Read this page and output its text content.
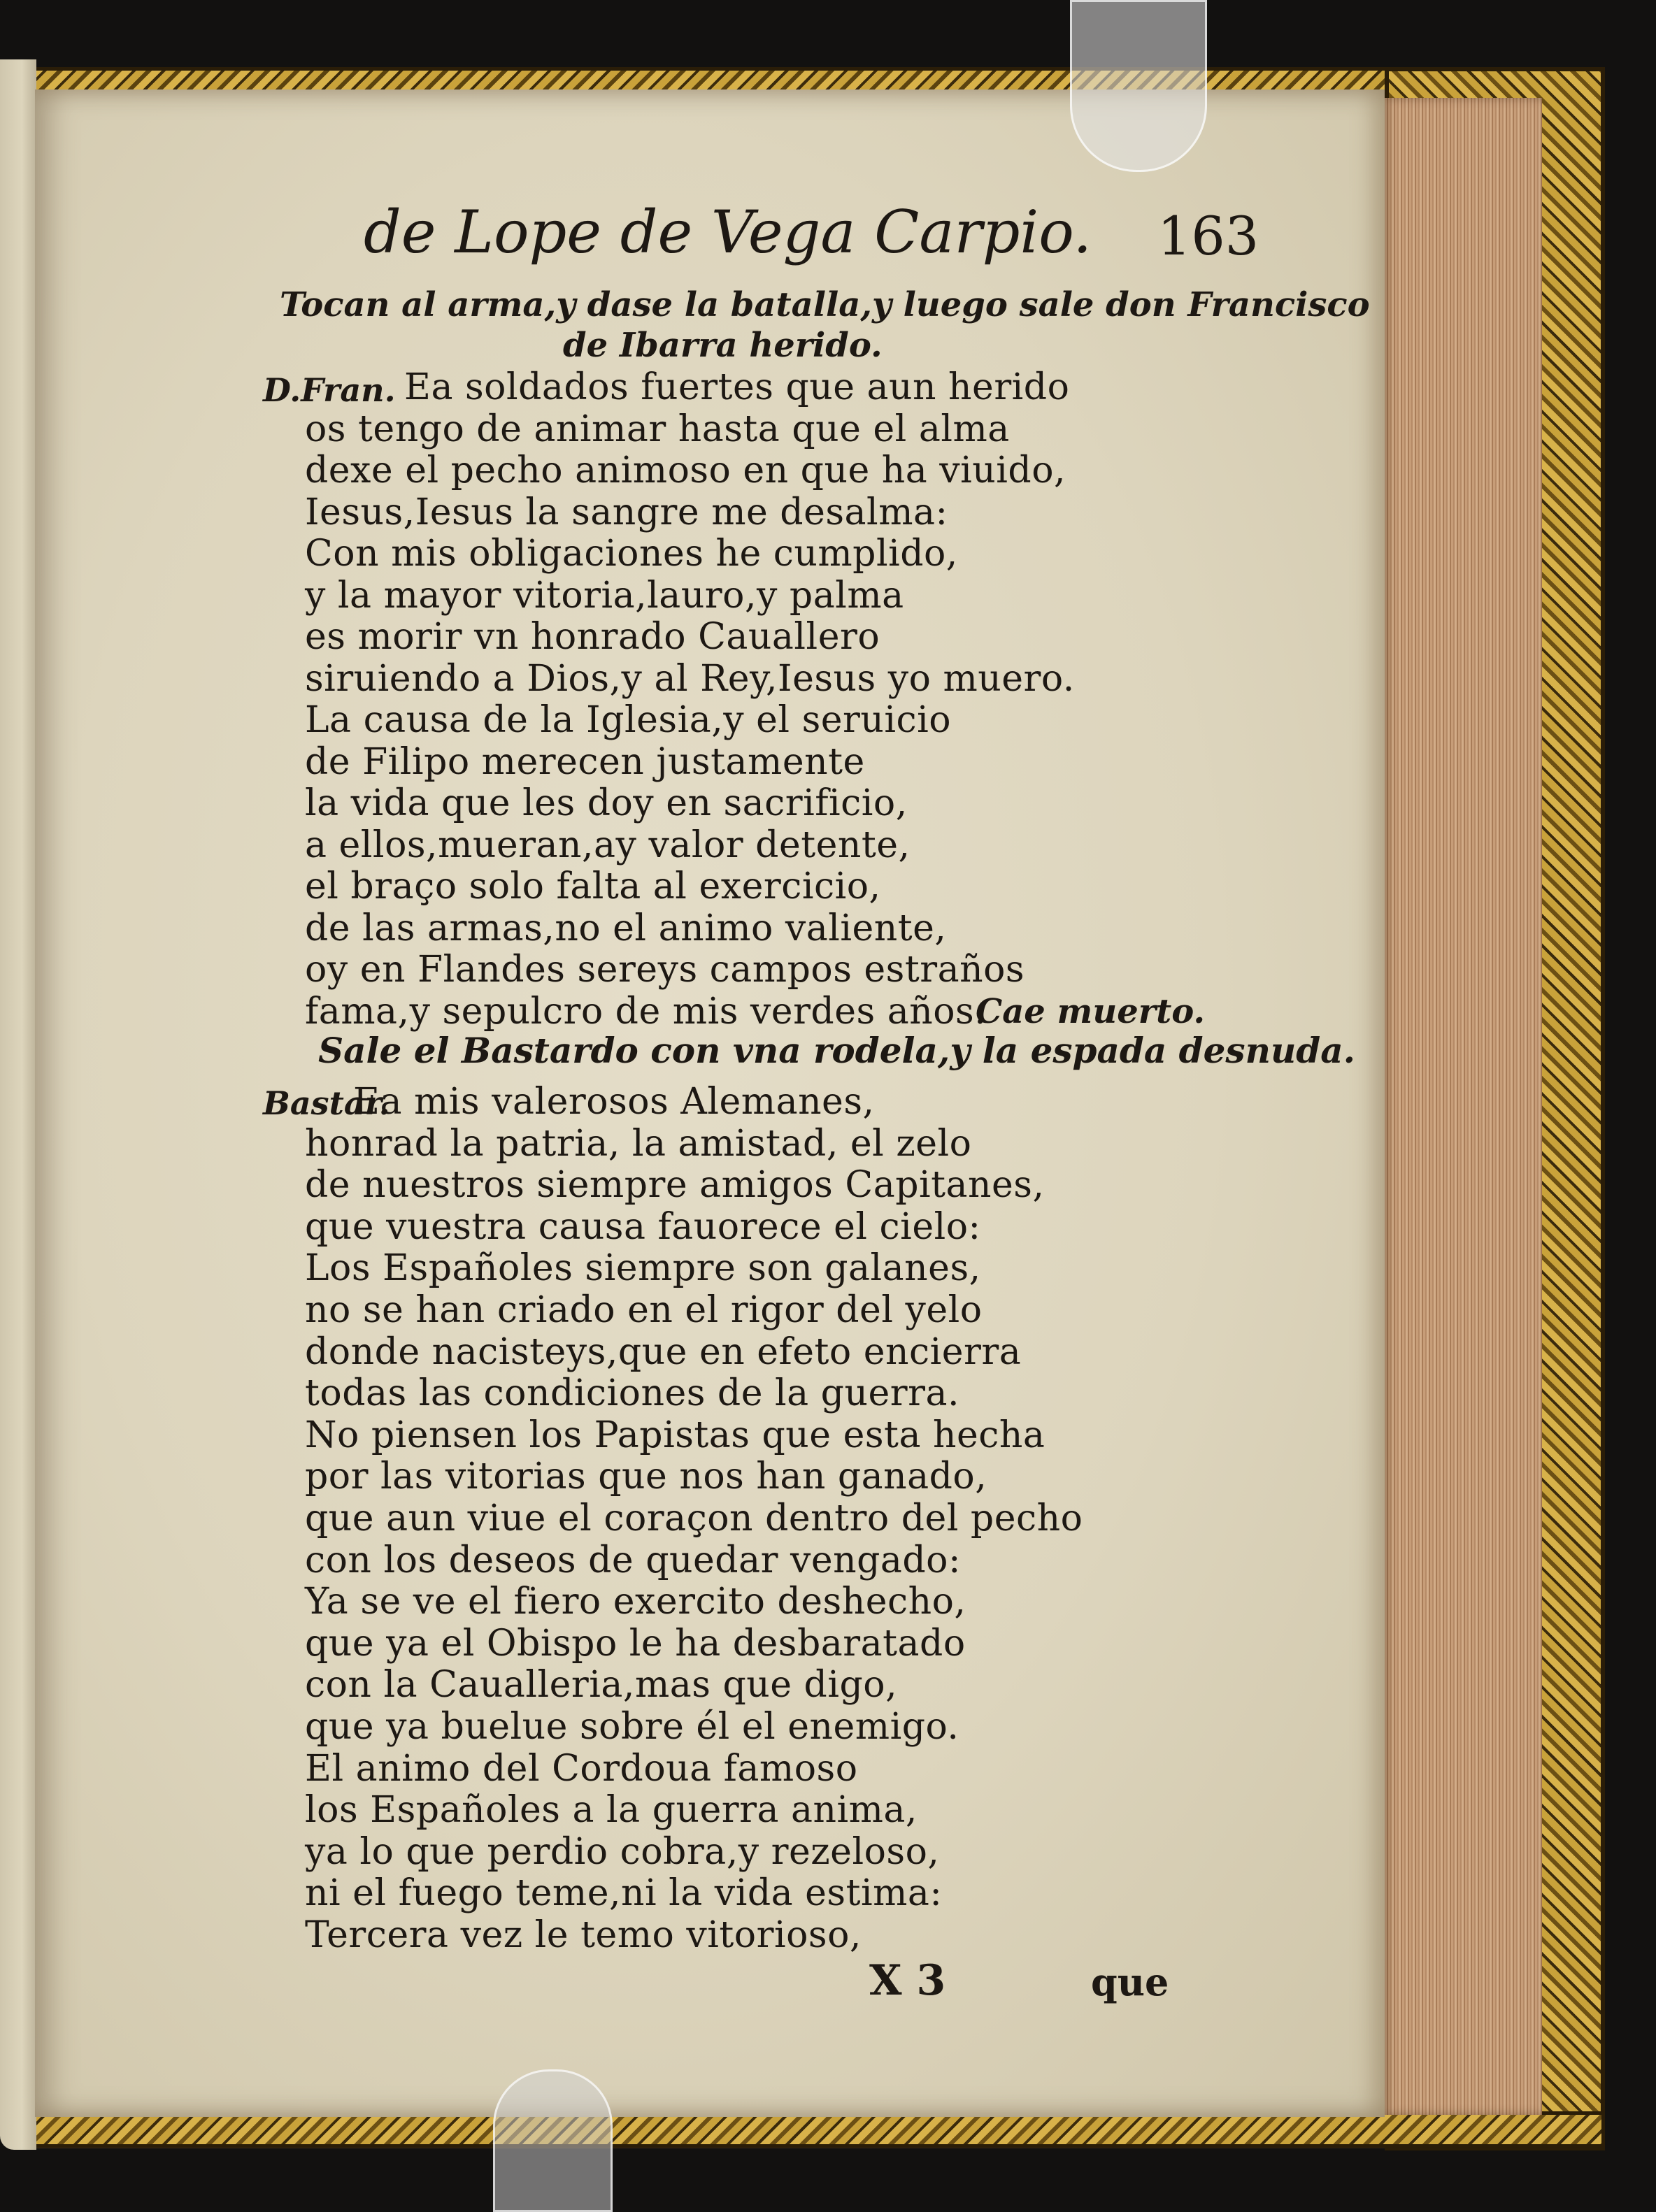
de Lope de Vega Carpio. 163
Tocan al arma,y dase la batalla,y luego sale don Francisco
de Ibarra herido.
D.Fran. Ea soldados fuertes que aun herido
os tengo de animar hasta que el alma
dexe el pecho animoso en que ha viuido,
Iesus,Iesus la sangre me desalma:
Con mis obligaciones he cumplido,
y la mayor vitoria,lauro,y palma
es morir vn honrado Cauallero
siruiendo a Dios,y al Rey,Iesus yo muero.
La causa de la Iglesia,y el seruicio
de Filipo merecen justamente
la vida que les doy en sacrificio,
a ellos,mueran,ay valor detente,
el braço solo falta al exercicio,
de las armas,no el animo valiente,
oy en Flandes sereys campos estraños
fama,y sepulcro de mis verdes años.
Cae muerto.
Sale el Bastardo con vna rodela,y la espada desnuda.
Bastar.
Ea mis valerosos Alemanes,
honrad la patria, la amistad, el zelo
de nuestros siempre amigos Capitanes,
que vuestra causa fauorece el cielo:
Los Españoles siempre son galanes,
no se han criado en el rigor del yelo
donde nacisteys,que en efeto encierra
todas las condiciones de la guerra.
No piensen los Papistas que esta hecha
por las vitorias que nos han ganado,
que aun viue el coraçon dentro del pecho
con los deseos de quedar vengado:
Ya se ve el fiero exercito deshecho,
que ya el Obispo le ha desbaratado
con la Caualleria,mas que digo,
que ya buelue sobre él el enemigo.
El animo del Cordoua famoso
los Españoles a la guerra anima,
ya lo que perdio cobra,y rezeloso,
ni el fuego teme,ni la vida estima:
Tercera vez le temo vitorioso,
X 3	que
